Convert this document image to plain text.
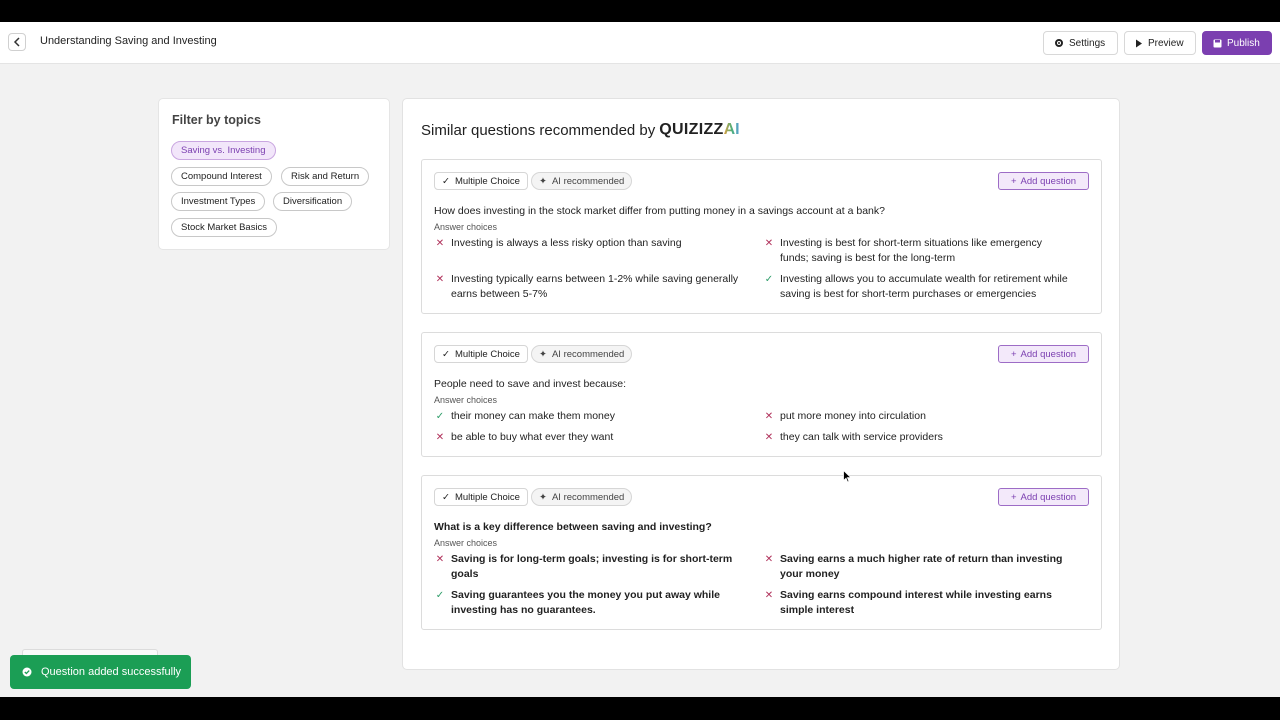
Understanding Saving and Investing	Settings	Preview	Publish
Filter by topics
Saving vs. Investing
Compound Interest	Risk and Return
Investment Types	Diversification
Stock Market Basics
Similar questions recommended by QUIZIZZAI
✓ Multiple Choice ✦ AI recommended	+ Add question
How does investing in the stock market differ from putting money in a savings account at a bank?
Answer choices
✕ Investing is always a less risky option than saving	✕ Investing is best for short-term situations like emergency funds; saving is best for the long-term
✕ Investing typically earns between 1-2% while saving generally earns between 5-7%
✓ Investing allows you to accumulate wealth for retirement while saving is best for short-term purchases or emergencies
✓ Multiple Choice ✦ AI recommended	+ Add question
People need to save and invest because:
Answer choices
✓ their money can make them money	✕ put more money into circulation
✕ be able to buy what ever they want	✕ they can talk with service providers
✓ Multiple Choice ✦ AI recommended	+ Add question
What is a key difference between saving and investing?
Answer choices
✕ Saving is for long-term goals; investing is for short-term goals
✕ Saving earns a much higher rate of return than investing your money
✓ Saving guarantees you the money you put away while investing has no guarantees.
✕ Saving earns compound interest while investing earns simple interest
Question added successfully
